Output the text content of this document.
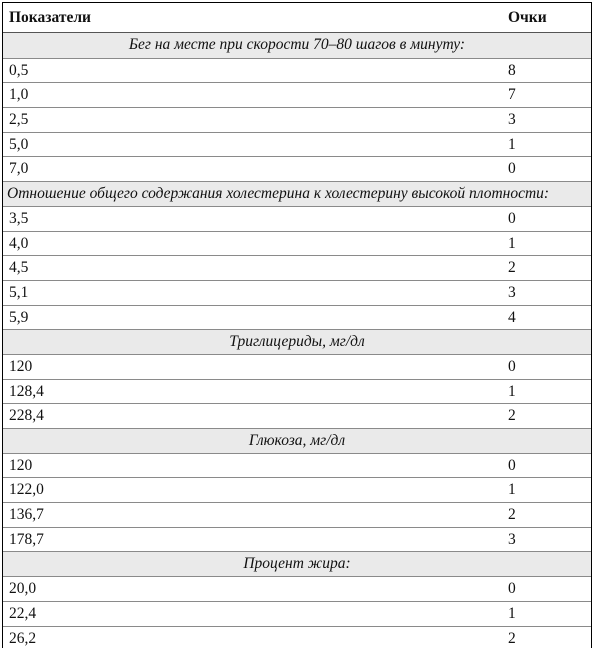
Показатели	Очки
Бег на месте при скорости 70–80 шагов в минуту:
0,5	8
1,0	7
2,5	3
5,0	1
7,0	0
Отношение общего содержания холестерина к холестерину высокой плотности:
3,5	0
4,0	1
4,5	2
5,1	3
5,9	4
Триглицериды, мг/дл
120	0
128,4	1
228,4	2
Глюкоза, мг/дл
120	0
122,0	1
136,7	2
178,7	3
Процент жира:
20,0	0
22,4	1
26,2	2
